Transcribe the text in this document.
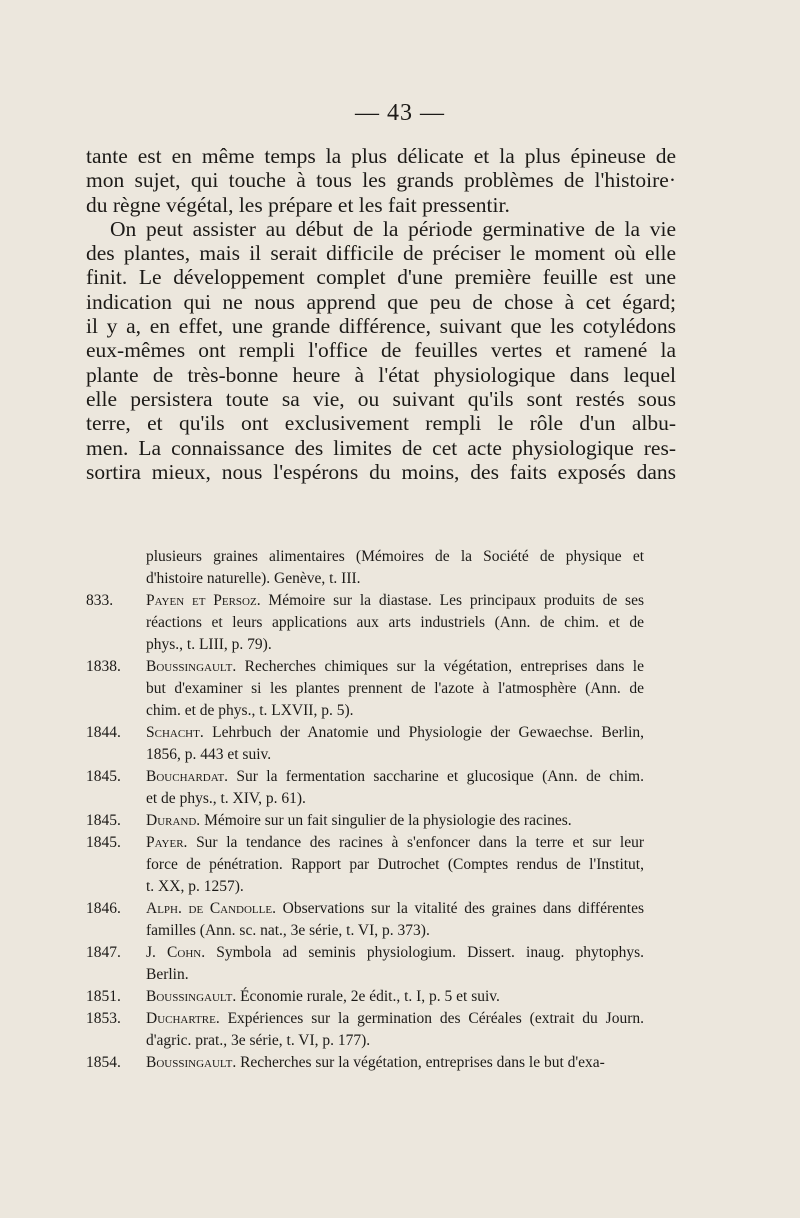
— 43 —
tante est en même temps la plus délicate et la plus épineuse de
mon sujet, qui touche à tous les grands problèmes de l'histoire·
du règne végétal, les prépare et les fait pressentir.
On peut assister au début de la période germinative de la vie
des plantes, mais il serait difficile de préciser le moment où elle
finit. Le développement complet d'une première feuille est une
indication qui ne nous apprend que peu de chose à cet égard;
il y a, en effet, une grande différence, suivant que les cotylédons
eux-mêmes ont rempli l'office de feuilles vertes et ramené la
plante de très-bonne heure à l'état physiologique dans lequel
elle persistera toute sa vie, ou suivant qu'ils sont restés sous
terre, et qu'ils ont exclusivement rempli le rôle d'un albu-
men. La connaissance des limites de cet acte physiologique res-
sortira mieux, nous l'espérons du moins, des faits exposés dans
plusieurs graines alimentaires (Mémoires de la Société de physique et
d'histoire naturelle). Genève, t. III.
833.	Payen et Persoz. Mémoire sur la diastase. Les principaux produits de ses
réactions et leurs applications aux arts industriels (Ann. de chim. et de
phys., t. LIII, p. 79).
1838.	Boussingault. Recherches chimiques sur la végétation, entreprises dans le
but d'examiner si les plantes prennent de l'azote à l'atmosphère (Ann. de
chim. et de phys., t. LXVII, p. 5).
1844.	Schacht. Lehrbuch der Anatomie und Physiologie der Gewaechse. Berlin,
1856, p. 443 et suiv.
1845.	Bouchardat. Sur la fermentation saccharine et glucosique (Ann. de chim.
et de phys., t. XIV, p. 61).
1845.	Durand. Mémoire sur un fait singulier de la physiologie des racines.
1845.	Payer. Sur la tendance des racines à s'enfoncer dans la terre et sur leur
force de pénétration. Rapport par Dutrochet (Comptes rendus de l'Institut,
t. XX, p. 1257).
1846.	Alph. de Candolle. Observations sur la vitalité des graines dans différentes
familles (Ann. sc. nat., 3e série, t. VI, p. 373).
1847.	J. Cohn. Symbola ad seminis physiologium. Dissert. inaug. phytophys.
Berlin.
1851.	Boussingault. Économie rurale, 2e édit., t. I, p. 5 et suiv.
1853.	Duchartre. Expériences sur la germination des Céréales (extrait du Journ.
d'agric. prat., 3e série, t. VI, p. 177).
1854.	Boussingault. Recherches sur la végétation, entreprises dans le but d'exa-
